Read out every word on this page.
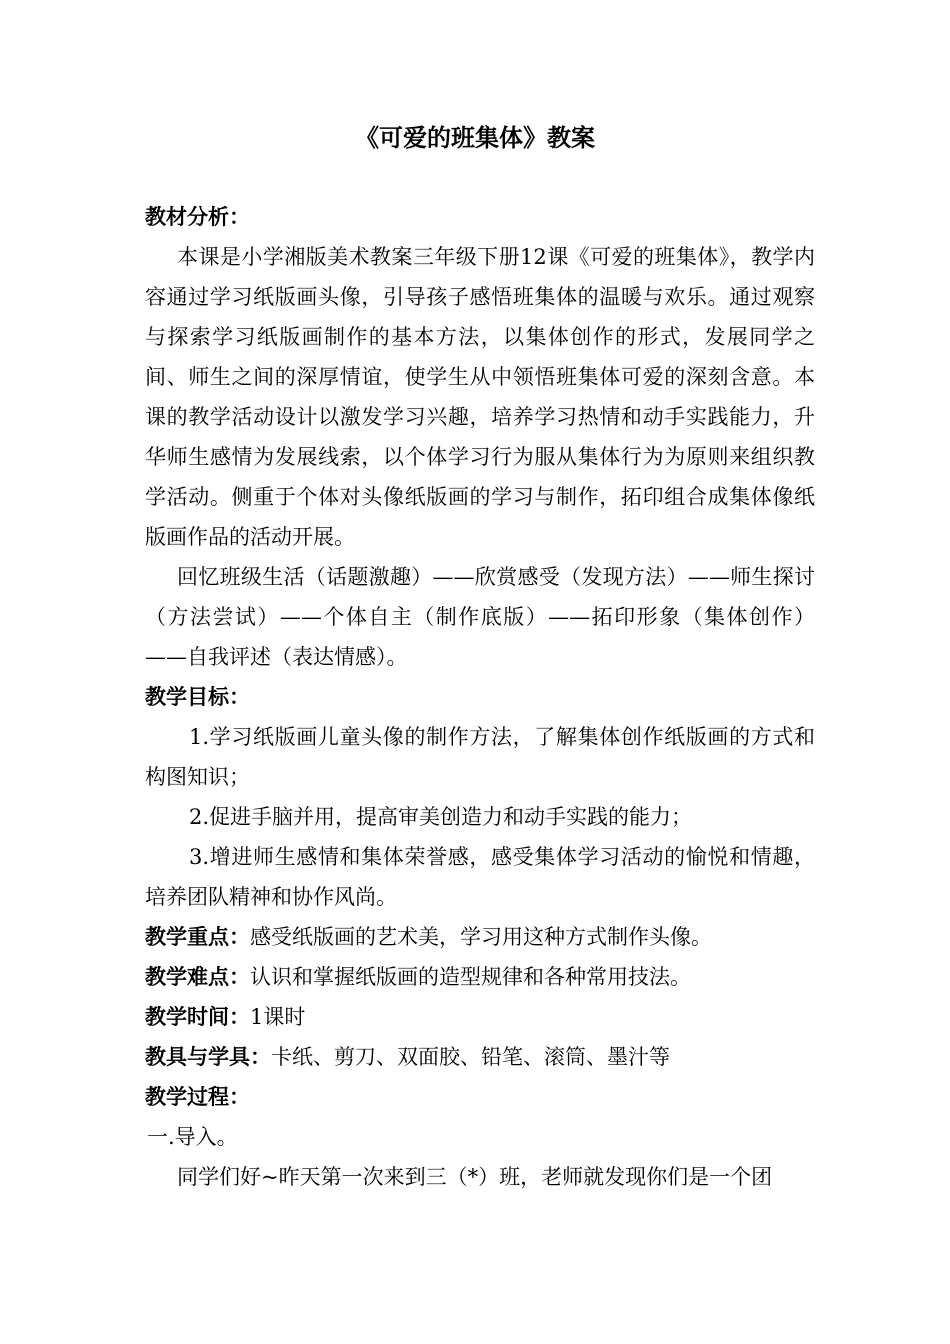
《可爱的班集体》教案

教材分析：

本课是小学湘版美术教案三年级下册12课《可爱的班集体》，教学内容通过学习纸版画头像，引导孩子感悟班集体的温暖与欢乐。通过观察与探索学习纸版画制作的基本方法，以集体创作的形式，发展同学之间、师生之间的深厚情谊，使学生从中领悟班集体可爱的深刻含意。本课的教学活动设计以激发学习兴趣，培养学习热情和动手实践能力，升华师生感情为发展线索，以个体学习行为服从集体行为为原则来组织教学活动。侧重于个体对头像纸版画的学习与制作，拓印组合成集体像纸版画作品的活动开展。

回忆班级生活（话题激趣）——欣赏感受（发现方法）——师生探讨（方法尝试）——个体自主（制作底版）——拓印形象（集体创作）——自我评述（表达情感）。

教学目标：

1.学习纸版画儿童头像的制作方法，了解集体创作纸版画的方式和构图知识；

2.促进手脑并用，提高审美创造力和动手实践的能力；

3.增进师生感情和集体荣誉感，感受集体学习活动的愉悦和情趣，培养团队精神和协作风尚。

教学重点：感受纸版画的艺术美，学习用这种方式制作头像。

教学难点：认识和掌握纸版画的造型规律和各种常用技法。

教学时间：1课时

教具与学具：卡纸、剪刀、双面胶、铅笔、滚筒、墨汁等

教学过程：

一.导入。

同学们好~昨天第一次来到三（*）班，老师就发现你们是一个团
